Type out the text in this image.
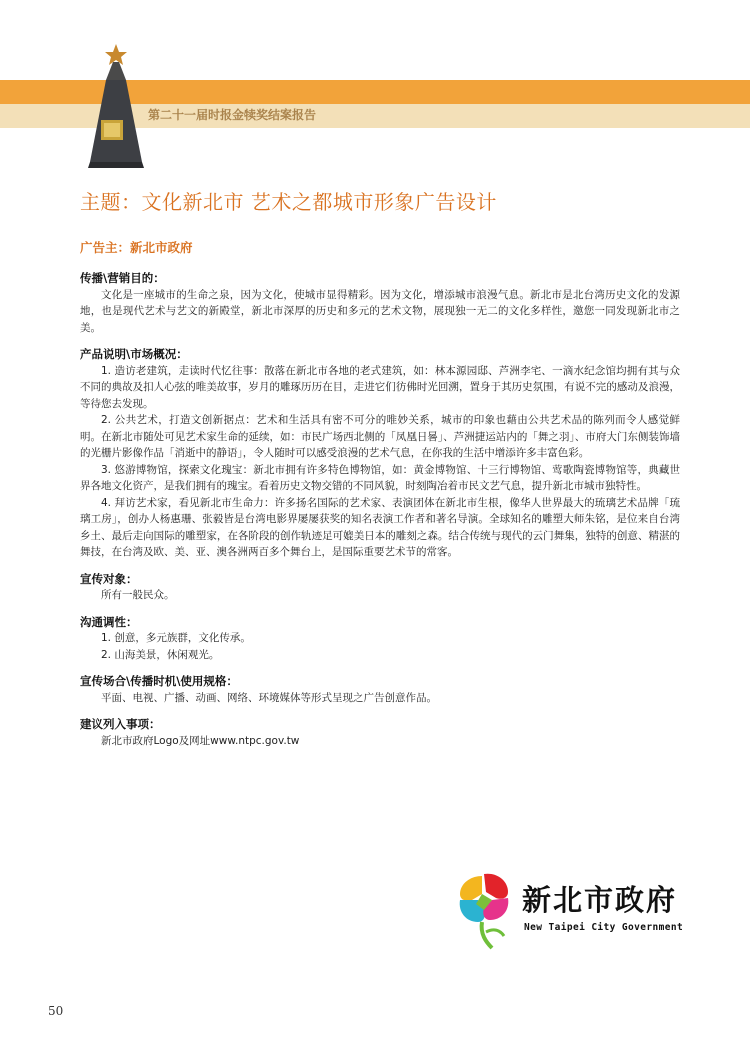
第二十一届时报金犊奖结案报告
主题：文化新北市 艺术之都城市形象广告设计
广告主：新北市政府
传播\营销目的：

文化是一座城市的生命之泉，因为文化，使城市显得精彩。因为文化，增添城市浪漫气息。新北市是北台湾历史文化的发源地，也是现代艺术与艺文的新殿堂，新北市深厚的历史和多元的艺术文物，展现独一无二的文化多样性，邀您一同发现新北市之美。

产品说明\市场概况：

1. 造访老建筑，走读时代忆往事：散落在新北市各地的老式建筑，如：林本源园邸、芦洲李宅、一滴水纪念馆均拥有其与众不同的典故及扣人心弦的唯美故事，岁月的雕琢历历在目，走进它们彷佛时光回溯，置身于其历史氛围，有说不完的感动及浪漫，等待您去发现。

2. 公共艺术，打造文创新据点：艺术和生活具有密不可分的唯妙关系，城市的印象也藉由公共艺术品的陈列而令人感觉鲜明。在新北市随处可见艺术家生命的延续，如：市民广场西北侧的「凤凰日晷」、芦洲捷运站内的「舞之羽」、市府大门东侧装饰墙的光栅片影像作品「消逝中的静语」，令人随时可以感受浪漫的艺术气息，在你我的生活中增添许多丰富色彩。

3. 悠游博物馆，探索文化瑰宝：新北市拥有许多特色博物馆，如：黄金博物馆、十三行博物馆、莺歌陶瓷博物馆等，典藏世界各地文化资产，是我们拥有的瑰宝。看着历史文物交错的不同风貌，时刻陶冶着市民文艺气息，提升新北市城市独特性。

4. 拜访艺术家，看见新北市生命力：许多扬名国际的艺术家、表演团体在新北市生根，像华人世界最大的琉璃艺术品牌「琉璃工房」，创办人杨惠珊、张毅皆是台湾电影界屡屡获奖的知名表演工作者和著名导演。全球知名的雕塑大师朱铭，是位来自台湾乡土、最后走向国际的雕塑家，在各阶段的创作轨迹足可媲美日本的雕刻之森。结合传统与现代的云门舞集，独特的创意、精湛的舞技，在台湾及欧、美、亚、澳各洲两百多个舞台上，是国际重要艺术节的常客。

宣传对象：
所有一般民众。
沟通调性：
1. 创意，多元族群，文化传承。
2. 山海美景，休闲观光。
宣传场合\传播时机\使用规格：
平面、电视、广播、动画、网络、环境媒体等形式呈现之广告创意作品。
建议列入事项：
新北市政府Logo及网址www.ntpc.gov.tw
新北市政府
New Taipei City Government
50
